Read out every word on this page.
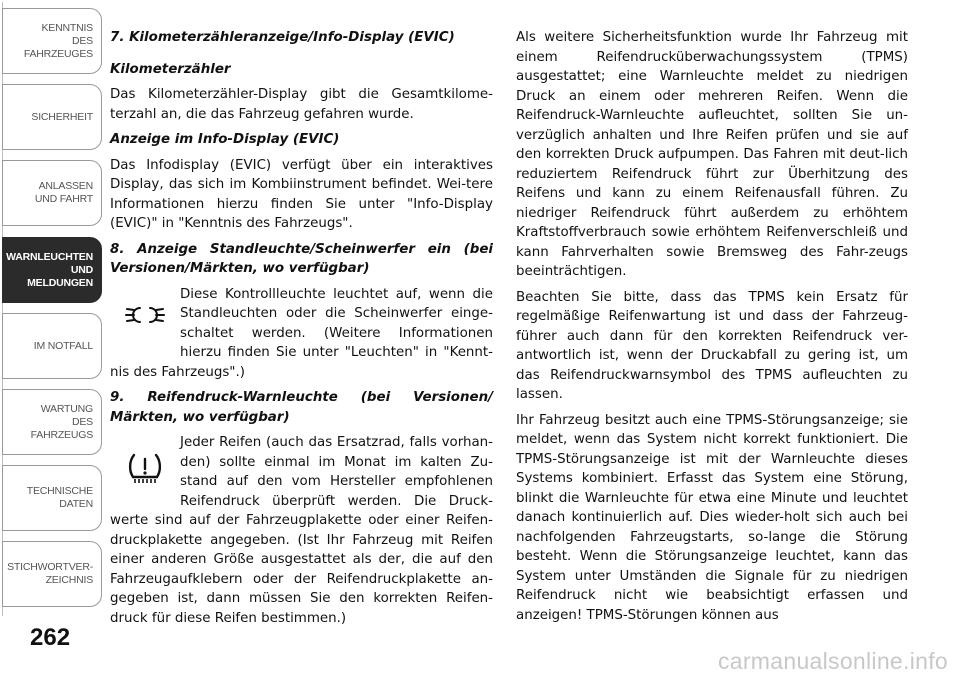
KENNTNIS
DES
FAHRZEUGES
SICHERHEIT
ANLASSEN
UND FAHRT
WARNLEUCHTEN
UND
MELDUNGEN
IM NOTFALL
WARTUNG
DES
FAHRZEUGS
TECHNISCHE
DATEN
STICHWORTVER-
ZEICHNIS
262
carmanualsonline.info

7. Kilometerzähleranzeige/Info-Display (EVIC)

Kilometerzähler

Das Kilometerzähler-Display gibt die Gesamtkilome-terzahl an, die das Fahrzeug gefahren wurde.

Anzeige im Info-Display (EVIC)

Das Infodisplay (EVIC) verfügt über ein interaktives Display, das sich im Kombiinstrument befindet. Wei-tere Informationen hierzu finden Sie unter "Info-Display (EVIC)" in "Kenntnis des Fahrzeugs".

8. Anzeige Standleuchte/Scheinwerfer ein (bei Versionen/Märkten, wo verfügbar)

Diese Kontrollleuchte leuchtet auf, wenn die Standleuchten oder die Scheinwerfer einge-schaltet werden. (Weitere Informationen hierzu finden Sie unter "Leuchten" in "Kennt-nis des Fahrzeugs".)

9. Reifendruck-Warnleuchte (bei Versionen/ Märkten, wo verfügbar)

Jeder Reifen (auch das Ersatzrad, falls vorhan-den) sollte einmal im Monat im kalten Zu-stand auf den vom Hersteller empfohlenen Reifendruck überprüft werden. Die Druck-werte sind auf der Fahrzeugplakette oder einer Reifen-druckplakette angegeben. (Ist Ihr Fahrzeug mit Reifen einer anderen Größe ausgestattet als der, die auf den Fahrzeugaufklebern oder der Reifendruckplakette an-gegeben ist, dann müssen Sie den korrekten Reifen-druck für diese Reifen bestimmen.)

Als weitere Sicherheitsfunktion wurde Ihr Fahrzeug mit einem Reifendrucküberwachungssystem (TPMS) ausgestattet; eine Warnleuchte meldet zu niedrigen Druck an einem oder mehreren Reifen. Wenn die Reifendruck-Warnleuchte aufleuchtet, sollten Sie un-verzüglich anhalten und Ihre Reifen prüfen und sie auf den korrekten Druck aufpumpen. Das Fahren mit deut-lich reduziertem Reifendruck führt zur Überhitzung des Reifens und kann zu einem Reifenausfall führen. Zu niedriger Reifendruck führt außerdem zu erhöhtem Kraftstoffverbrauch sowie erhöhtem Reifenverschleiß und kann Fahrverhalten sowie Bremsweg des Fahr-zeugs beeinträchtigen.

Beachten Sie bitte, dass das TPMS kein Ersatz für regelmäßige Reifenwartung ist und dass der Fahrzeug-führer auch dann für den korrekten Reifendruck ver-antwortlich ist, wenn der Druckabfall zu gering ist, um das Reifendruckwarnsymbol des TPMS aufleuchten zu lassen.

Ihr Fahrzeug besitzt auch eine TPMS-Störungsanzeige; sie meldet, wenn das System nicht korrekt funktioniert. Die TPMS-Störungsanzeige ist mit der Warnleuchte dieses Systems kombiniert. Erfasst das System eine Störung, blinkt die Warnleuchte für etwa eine Minute und leuchtet danach kontinuierlich auf. Dies wieder-holt sich auch bei nachfolgenden Fahrzeugstarts, so-lange die Störung besteht. Wenn die Störungsanzeige leuchtet, kann das System unter Umständen die Signale für zu niedrigen Reifendruck nicht wie beabsichtigt erfassen und anzeigen! TPMS-Störungen können aus
